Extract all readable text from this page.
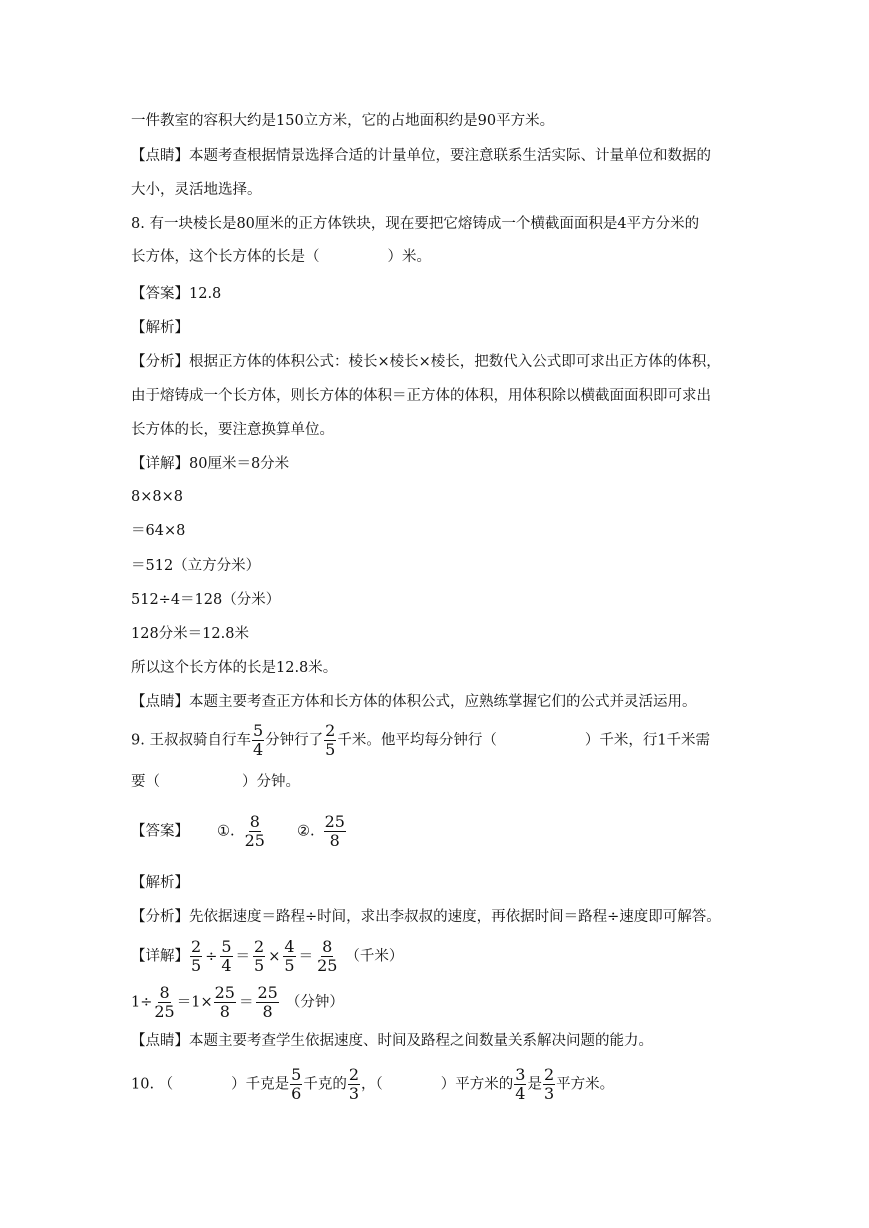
一件教室的容积大约是150立方米，它的占地面积约是90平方米。
【点睛】本题考查根据情景选择合适的计量单位，要注意联系生活实际、计量单位和数据的
大小，灵活地选择。
8. 有一块棱长是80厘米的正方体铁块，现在要把它熔铸成一个横截面面积是4平方分米的
长方体，这个长方体的长是（	）米。
【答案】12.8
【解析】
【分析】根据正方体的体积公式：棱长×棱长×棱长，把数代入公式即可求出正方体的体积，
由于熔铸成一个长方体，则长方体的体积＝正方体的体积，用体积除以横截面面积即可求出
长方体的长，要注意换算单位。
【详解】80厘米＝8分米
8×8×8
＝64×8
＝512（立方分米）
512÷4＝128（分米）
128分米＝12.8米
所以这个长方体的长是12.8米。
【点睛】本题主要考查正方体和长方体的体积公式，应熟练掌握它们的公式并灵活运用。
9. 王叔叔骑自行车 $\frac{5}{4}$ 分钟行了 $\frac{2}{5}$ 千米。他平均每分钟行（	）千米，行1千米需
要（	）分钟。
【答案】 ①. $\frac{8}{25}$ ②. $\frac{25}{8}$
【解析】
【分析】先依据速度＝路程÷时间，求出李叔叔的速度，再依据时间＝路程÷速度即可解答。
【详解】 $\frac{2}{5} \div \frac{5}{4} = \frac{2}{5} \times \frac{4}{5} = \frac{8}{25}$ （千米）
$1\div \frac{8}{25} =1\times \frac{25}{8} = \frac{25}{8}$ （分钟）
【点睛】本题主要考查学生依据速度、时间及路程之间数量关系解决问题的能力。
10. （	）千克是 $\frac{5}{6}$ 千克的 $\frac{2}{3}$ ，（	）平方米的 $\frac{3}{4}$ 是 $\frac{2}{3}$ 平方米。
